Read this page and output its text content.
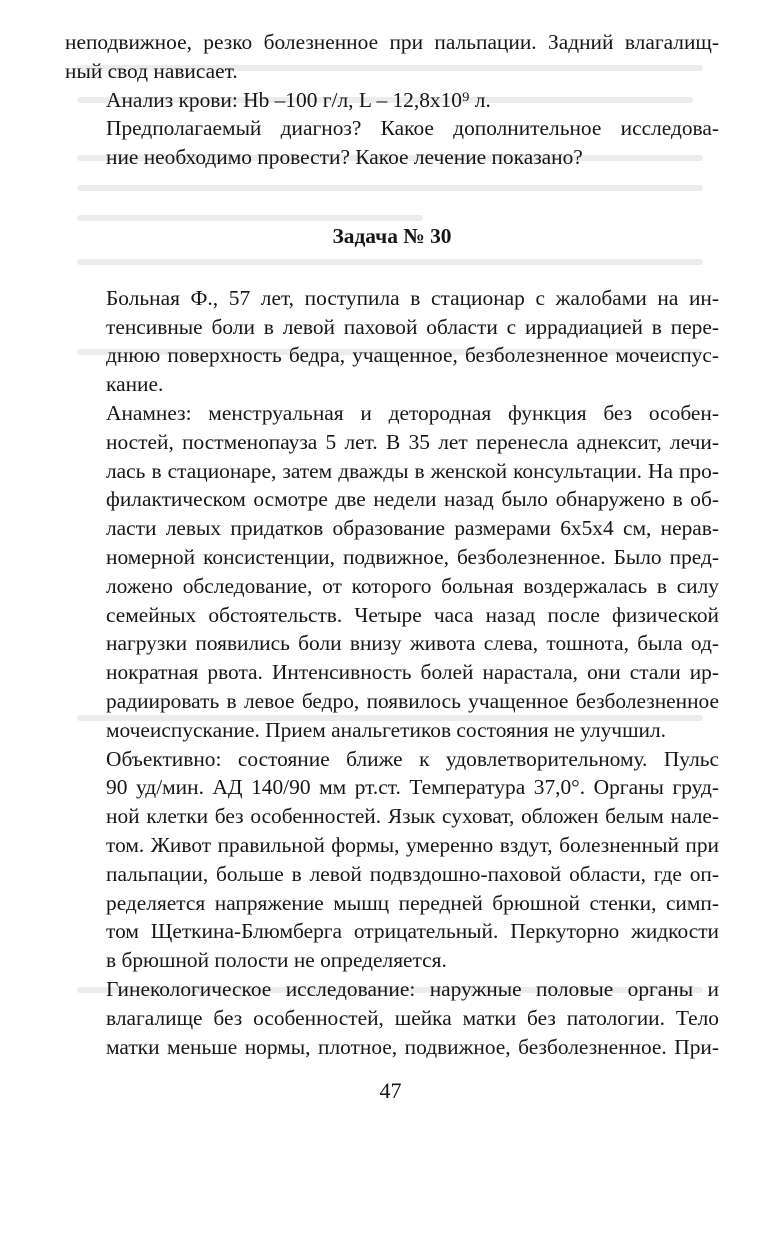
неподвижное, резко болезненное при пальпации. Задний влагалищ-
ный свод нависает.

Анализ крови: Hb –100 г/л, L – 12,8х10⁹ л.

Предполагаемый диагноз? Какое дополнительное исследова-
ние необходимо провести? Какое лечение показано?

Задача № 30

Больная Ф., 57 лет, поступила в стационар с жалобами на ин-
тенсивные боли в левой паховой области с иррадиацией в пере-
днюю поверхность бедра, учащенное, безболезненное мочеиспус-
кание.

Анамнез: менструальная и детородная функция без особен-
ностей, постменопауза 5 лет. В 35 лет перенесла аднексит, лечи-
лась в стационаре, затем дважды в женской консультации. На про-
филактическом осмотре две недели назад было обнаружено в об-
ласти левых придатков образование размерами 6х5х4 см, нерав-
номерной консистенции, подвижное, безболезненное. Было пред-
ложено обследование, от которого больная воздержалась в силу
семейных обстоятельств. Четыре часа назад после физической
нагрузки появились боли внизу живота слева, тошнота, была од-
нократная рвота. Интенсивность болей нарастала, они стали ир-
радиировать в левое бедро, появилось учащенное безболезненное
мочеиспускание. Прием анальгетиков состояния не улучшил.

Объективно: состояние ближе к удовлетворительному. Пульс
90 уд/мин. АД 140/90 мм рт.ст. Температура 37,0°. Органы груд-
ной клетки без особенностей. Язык суховат, обложен белым нале-
том. Живот правильной формы, умеренно вздут, болезненный при
пальпации, больше в левой подвздошно-паховой области, где оп-
ределяется напряжение мышц передней брюшной стенки, симп-
том Щеткина-Блюмберга отрицательный. Перкуторно жидкости
в брюшной полости не определяется.

Гинекологическое исследование: наружные половые органы и
влагалище без особенностей, шейка матки без патологии. Тело
матки меньше нормы, плотное, подвижное, безболезненное. При-

47
